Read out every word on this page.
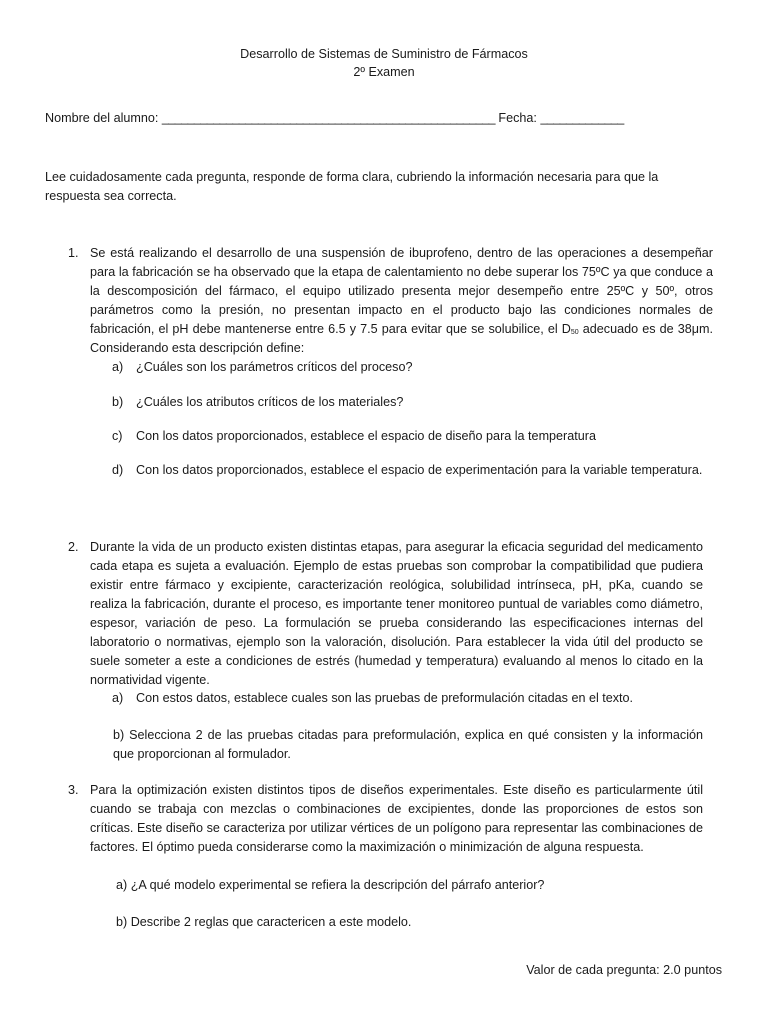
Desarrollo de Sistemas de Suministro de Fármacos
2º Examen
Nombre del alumno: ____________________________________________________ Fecha: _____________
Lee cuidadosamente cada pregunta, responde de forma clara, cubriendo la información necesaria para que la respuesta sea correcta.
1. Se está realizando el desarrollo de una suspensión de ibuprofeno, dentro de las operaciones a desempeñar para la fabricación se ha observado que la etapa de calentamiento no debe superar los 75ºC ya que conduce a la descomposición del fármaco, el equipo utilizado presenta mejor desempeño entre 25ºC y 50º, otros parámetros como la presión, no presentan impacto en el producto bajo las condiciones normales de fabricación, el pH debe mantenerse entre 6.5 y 7.5 para evitar que se solubilice, el $D_{50}$ adecuado es de 38μm. Considerando esta descripción define:
a) ¿Cuáles son los parámetros críticos del proceso?
b) ¿Cuáles los atributos críticos de los materiales?
c) Con los datos proporcionados, establece el espacio de diseño para la temperatura
d) Con los datos proporcionados, establece el espacio de experimentación para la variable temperatura.
2. Durante la vida de un producto existen distintas etapas, para asegurar la eficacia seguridad del medicamento cada etapa es sujeta a evaluación. Ejemplo de estas pruebas son comprobar la compatibilidad que pudiera existir entre fármaco y excipiente, caracterización reológica, solubilidad intrínseca, pH, pKa, cuando se realiza la fabricación, durante el proceso, es importante tener monitoreo puntual de variables como diámetro, espesor, variación de peso. La formulación se prueba considerando las especificaciones internas del laboratorio o normativas, ejemplo son la valoración, disolución. Para establecer la vida útil del producto se suele someter a este a condiciones de estrés (humedad y temperatura) evaluando al menos lo citado en la normatividad vigente.
a) Con estos datos, establece cuales son las pruebas de preformulación citadas en el texto.
b) Selecciona 2 de las pruebas citadas para preformulación, explica en qué consisten y la información que proporcionan al formulador.
3. Para la optimización existen distintos tipos de diseños experimentales. Este diseño es particularmente útil cuando se trabaja con mezclas o combinaciones de excipientes, donde las proporciones de estos son críticas. Este diseño se caracteriza por utilizar vértices de un polígono para representar las combinaciones de factores. El óptimo pueda considerarse como la maximización o minimización de alguna respuesta.
a) ¿A qué modelo experimental se refiera la descripción del párrafo anterior?
b) Describe 2 reglas que caractericen a este modelo.
Valor de cada pregunta: 2.0 puntos
